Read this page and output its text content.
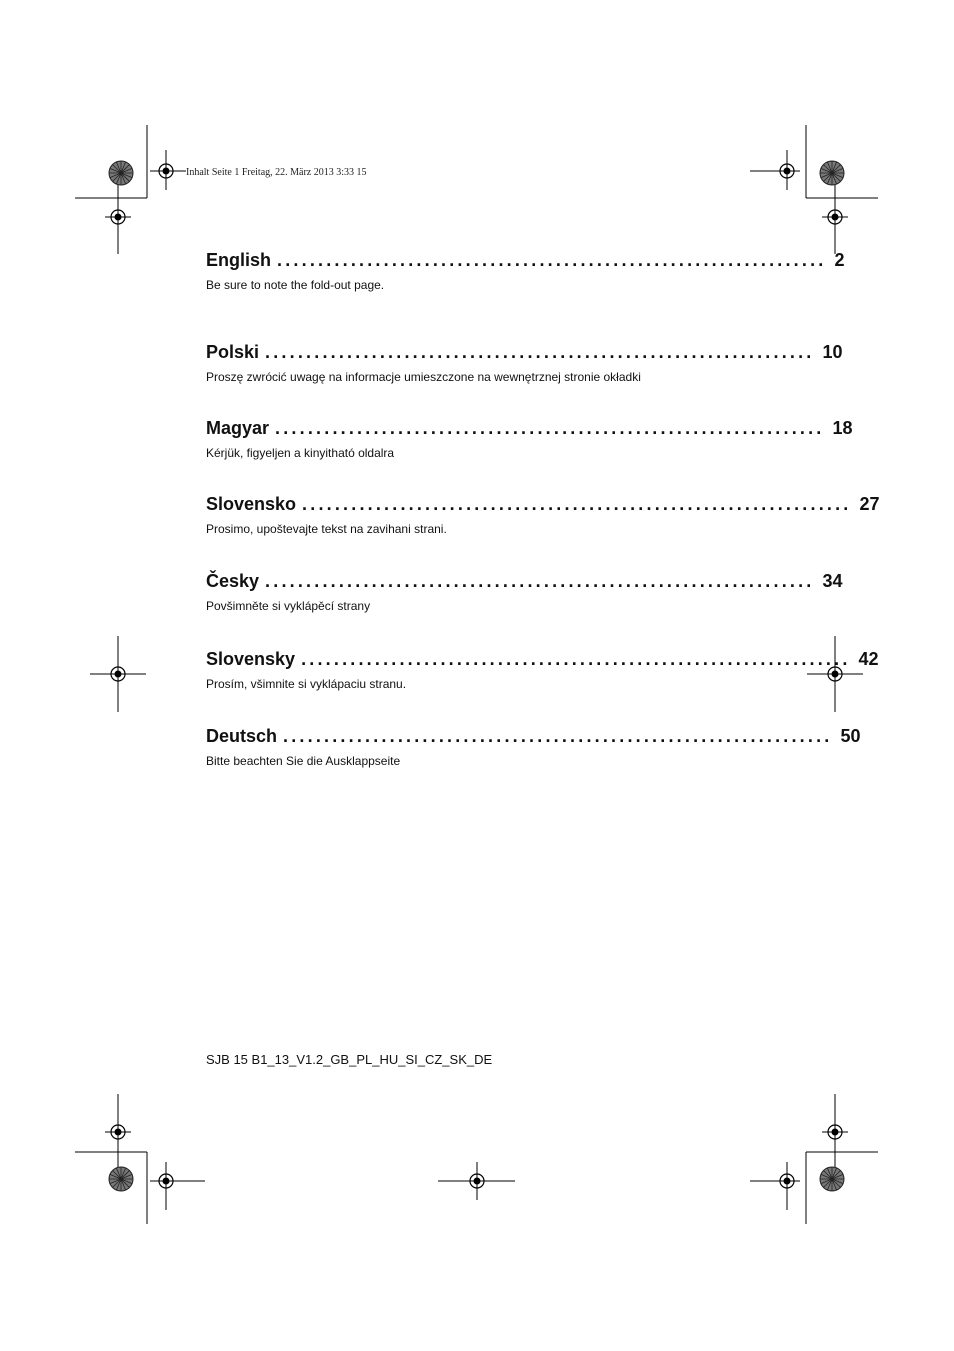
Inhalt Seite 1 Freitag, 22. März 2013 3:33 15
English ................................................................... 2
Be sure to note the fold-out page.
Polski ................................................................... 10
Proszę zwrócić uwagę na informacje umieszczone na wewnętrznej stronie okładki
Magyar ................................................................... 18
Kérjük, figyeljen a kinyitható oldalra
Slovensko ................................................................... 27
Prosimo, upoštevajte tekst na zavihani strani.
Česky ................................................................... 34
Povšimněte si vyklápěcí strany
Slovensky ................................................................... 42
Prosím, všimnite si vyklápaciu stranu.
Deutsch ................................................................... 50
Bitte beachten Sie die Ausklappseite
SJB 15 B1_13_V1.2_GB_PL_HU_SI_CZ_SK_DE
